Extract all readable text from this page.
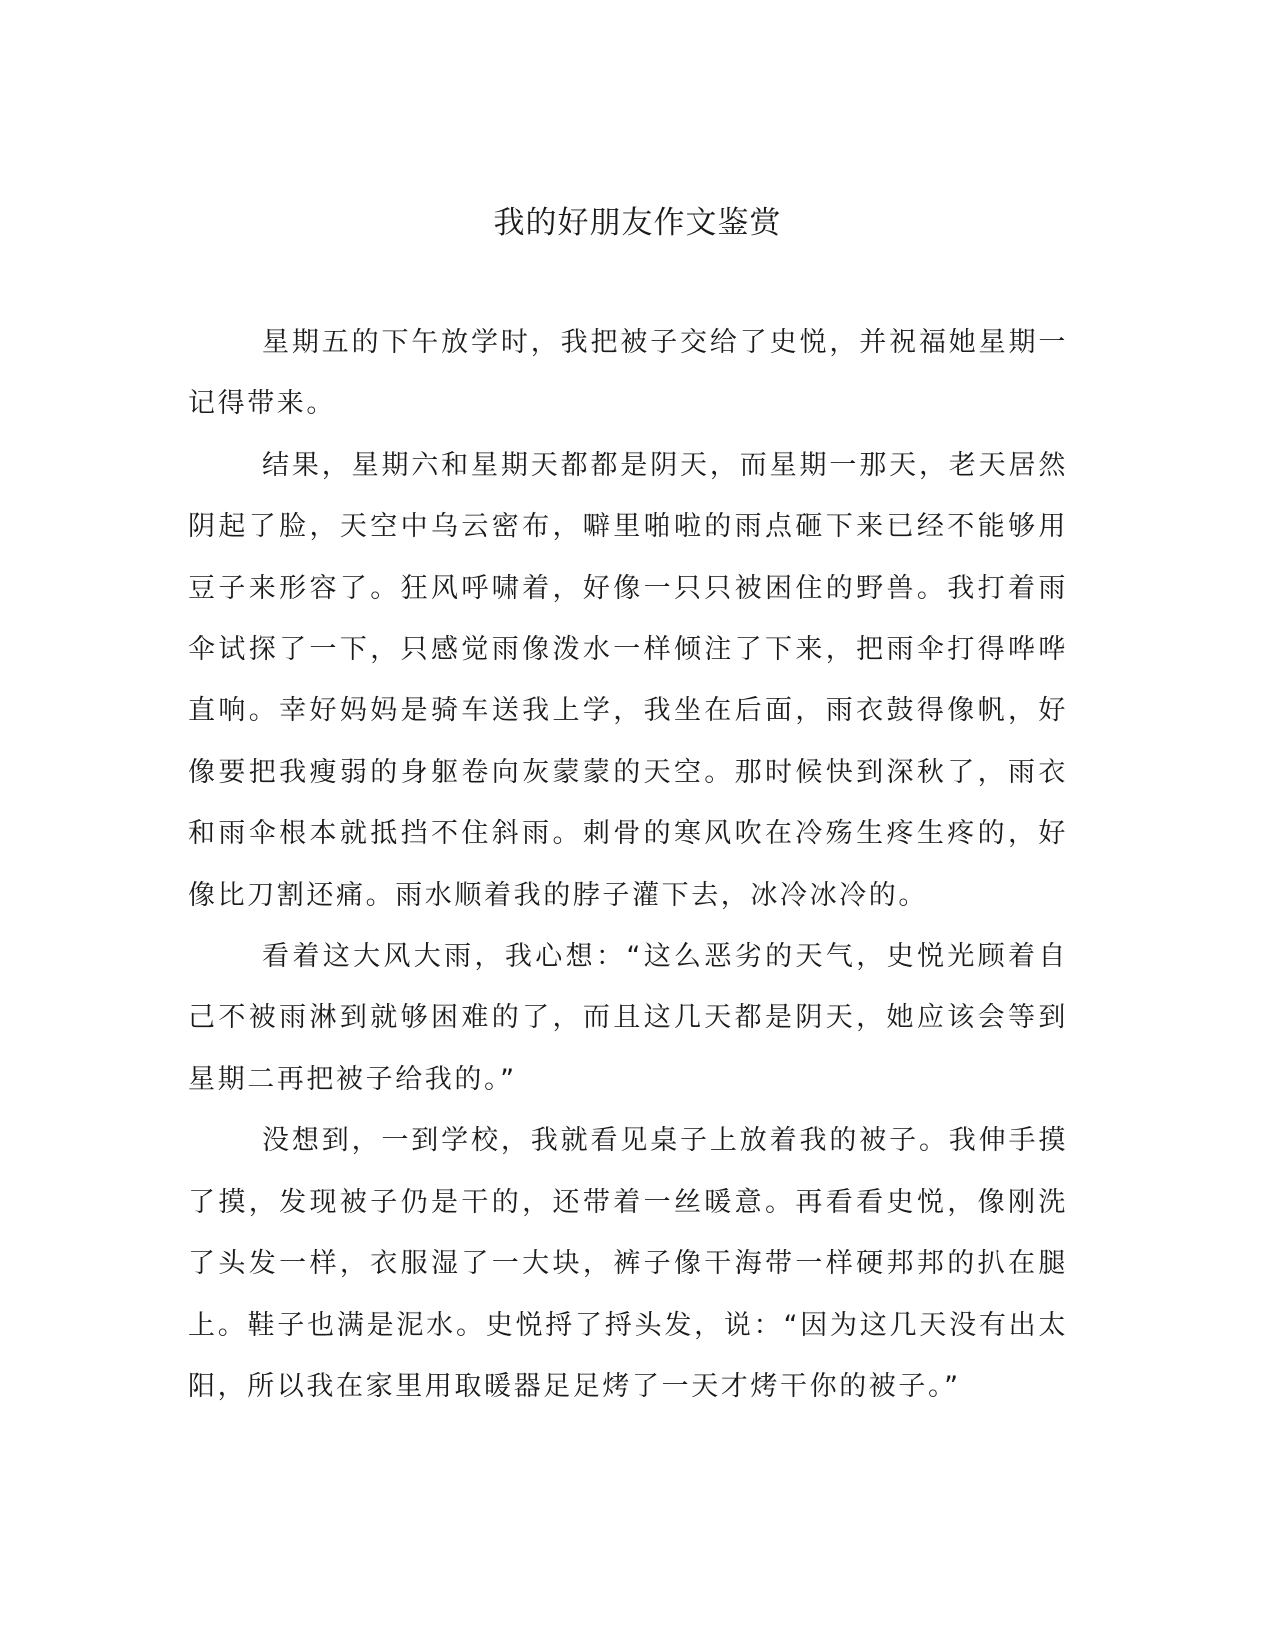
我的好朋友作文鉴赏

星期五的下午放学时，我把被子交给了史悦，并祝福她星期一记得带来。

结果，星期六和星期天都都是阴天，而星期一那天，老天居然阴起了脸，天空中乌云密布，噼里啪啦的雨点砸下来已经不能够用豆子来形容了。狂风呼啸着，好像一只只被困住的野兽。我打着雨伞试探了一下，只感觉雨像泼水一样倾注了下来，把雨伞打得哗哗直响。幸好妈妈是骑车送我上学，我坐在后面，雨衣鼓得像帆，好像要把我瘦弱的身躯卷向灰蒙蒙的天空。那时候快到深秋了，雨衣和雨伞根本就抵挡不住斜雨。刺骨的寒风吹在冷殇生疼生疼的，好像比刀割还痛。雨水顺着我的脖子灌下去，冰冷冰冷的。

看着这大风大雨，我心想：“这么恶劣的天气，史悦光顾着自己不被雨淋到就够困难的了，而且这几天都是阴天，她应该会等到星期二再把被子给我的。”

没想到，一到学校，我就看见桌子上放着我的被子。我伸手摸了摸，发现被子仍是干的，还带着一丝暖意。再看看史悦，像刚洗了头发一样，衣服湿了一大块，裤子像干海带一样硬邦邦的扒在腿上。鞋子也满是泥水。史悦捋了捋头发，说：“因为这几天没有出太阳，所以我在家里用取暖器足足烤了一天才烤干你的被子。”
